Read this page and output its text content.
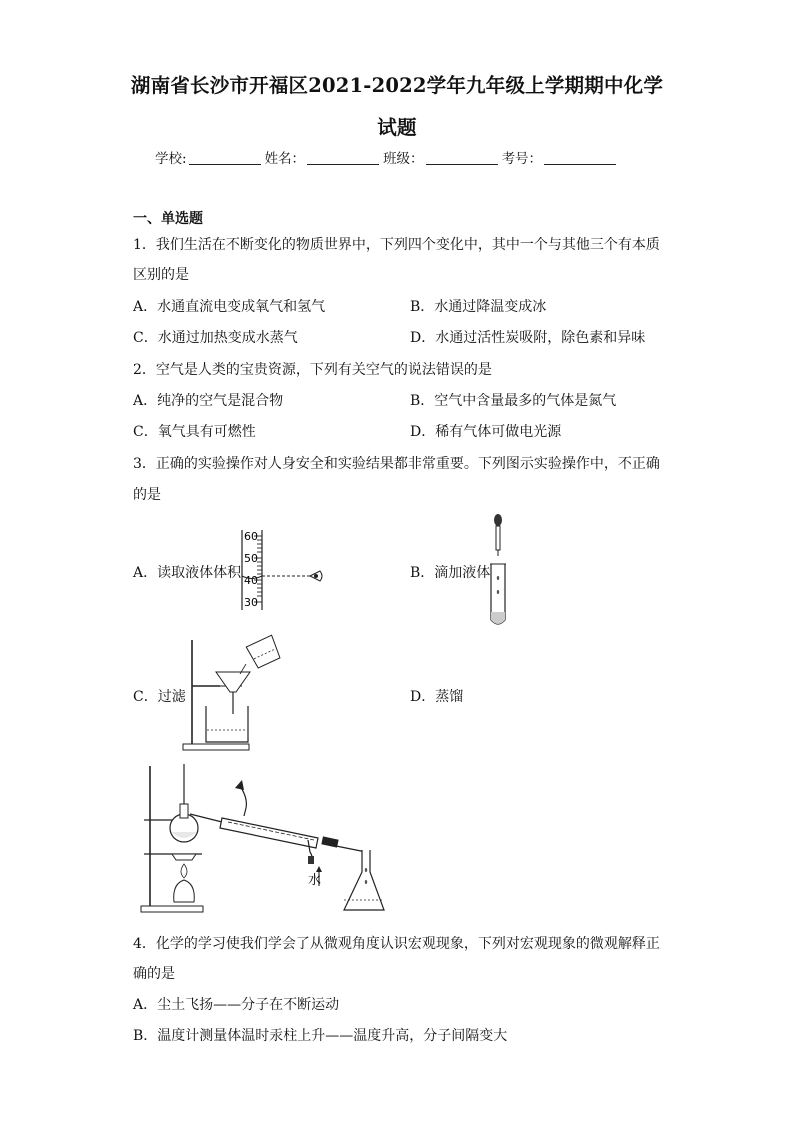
湖南省长沙市开福区2021-2022学年九年级上学期期中化学
试题
学校:	姓名：	班级：	考号：
一、单选题
1．我们生活在不断变化的物质世界中，下列四个变化中，其中一个与其他三个有本质
区别的是
A．水通直流电变成氧气和氢气	B．水通过降温变成冰
C．水通过加热变成水蒸气	D．水通过活性炭吸附，除色素和异味
2．空气是人类的宝贵资源，下列有关空气的说法错误的是
A．纯净的空气是混合物	B．空气中含量最多的气体是氮气
C．氧气具有可燃性	D．稀有气体可做电光源
3．正确的实验操作对人身安全和实验结果都非常重要。下列图示实验操作中，不正确
的是
A．读取液体体积	B．滴加液体
C．过滤	D．蒸馏
60
50
40
30
水
4．化学的学习使我们学会了从微观角度认识宏观现象，下列对宏观现象的微观解释正
确的是
A．尘土飞扬——分子在不断运动
B．温度计测量体温时汞柱上升——温度升高，分子间隔变大
